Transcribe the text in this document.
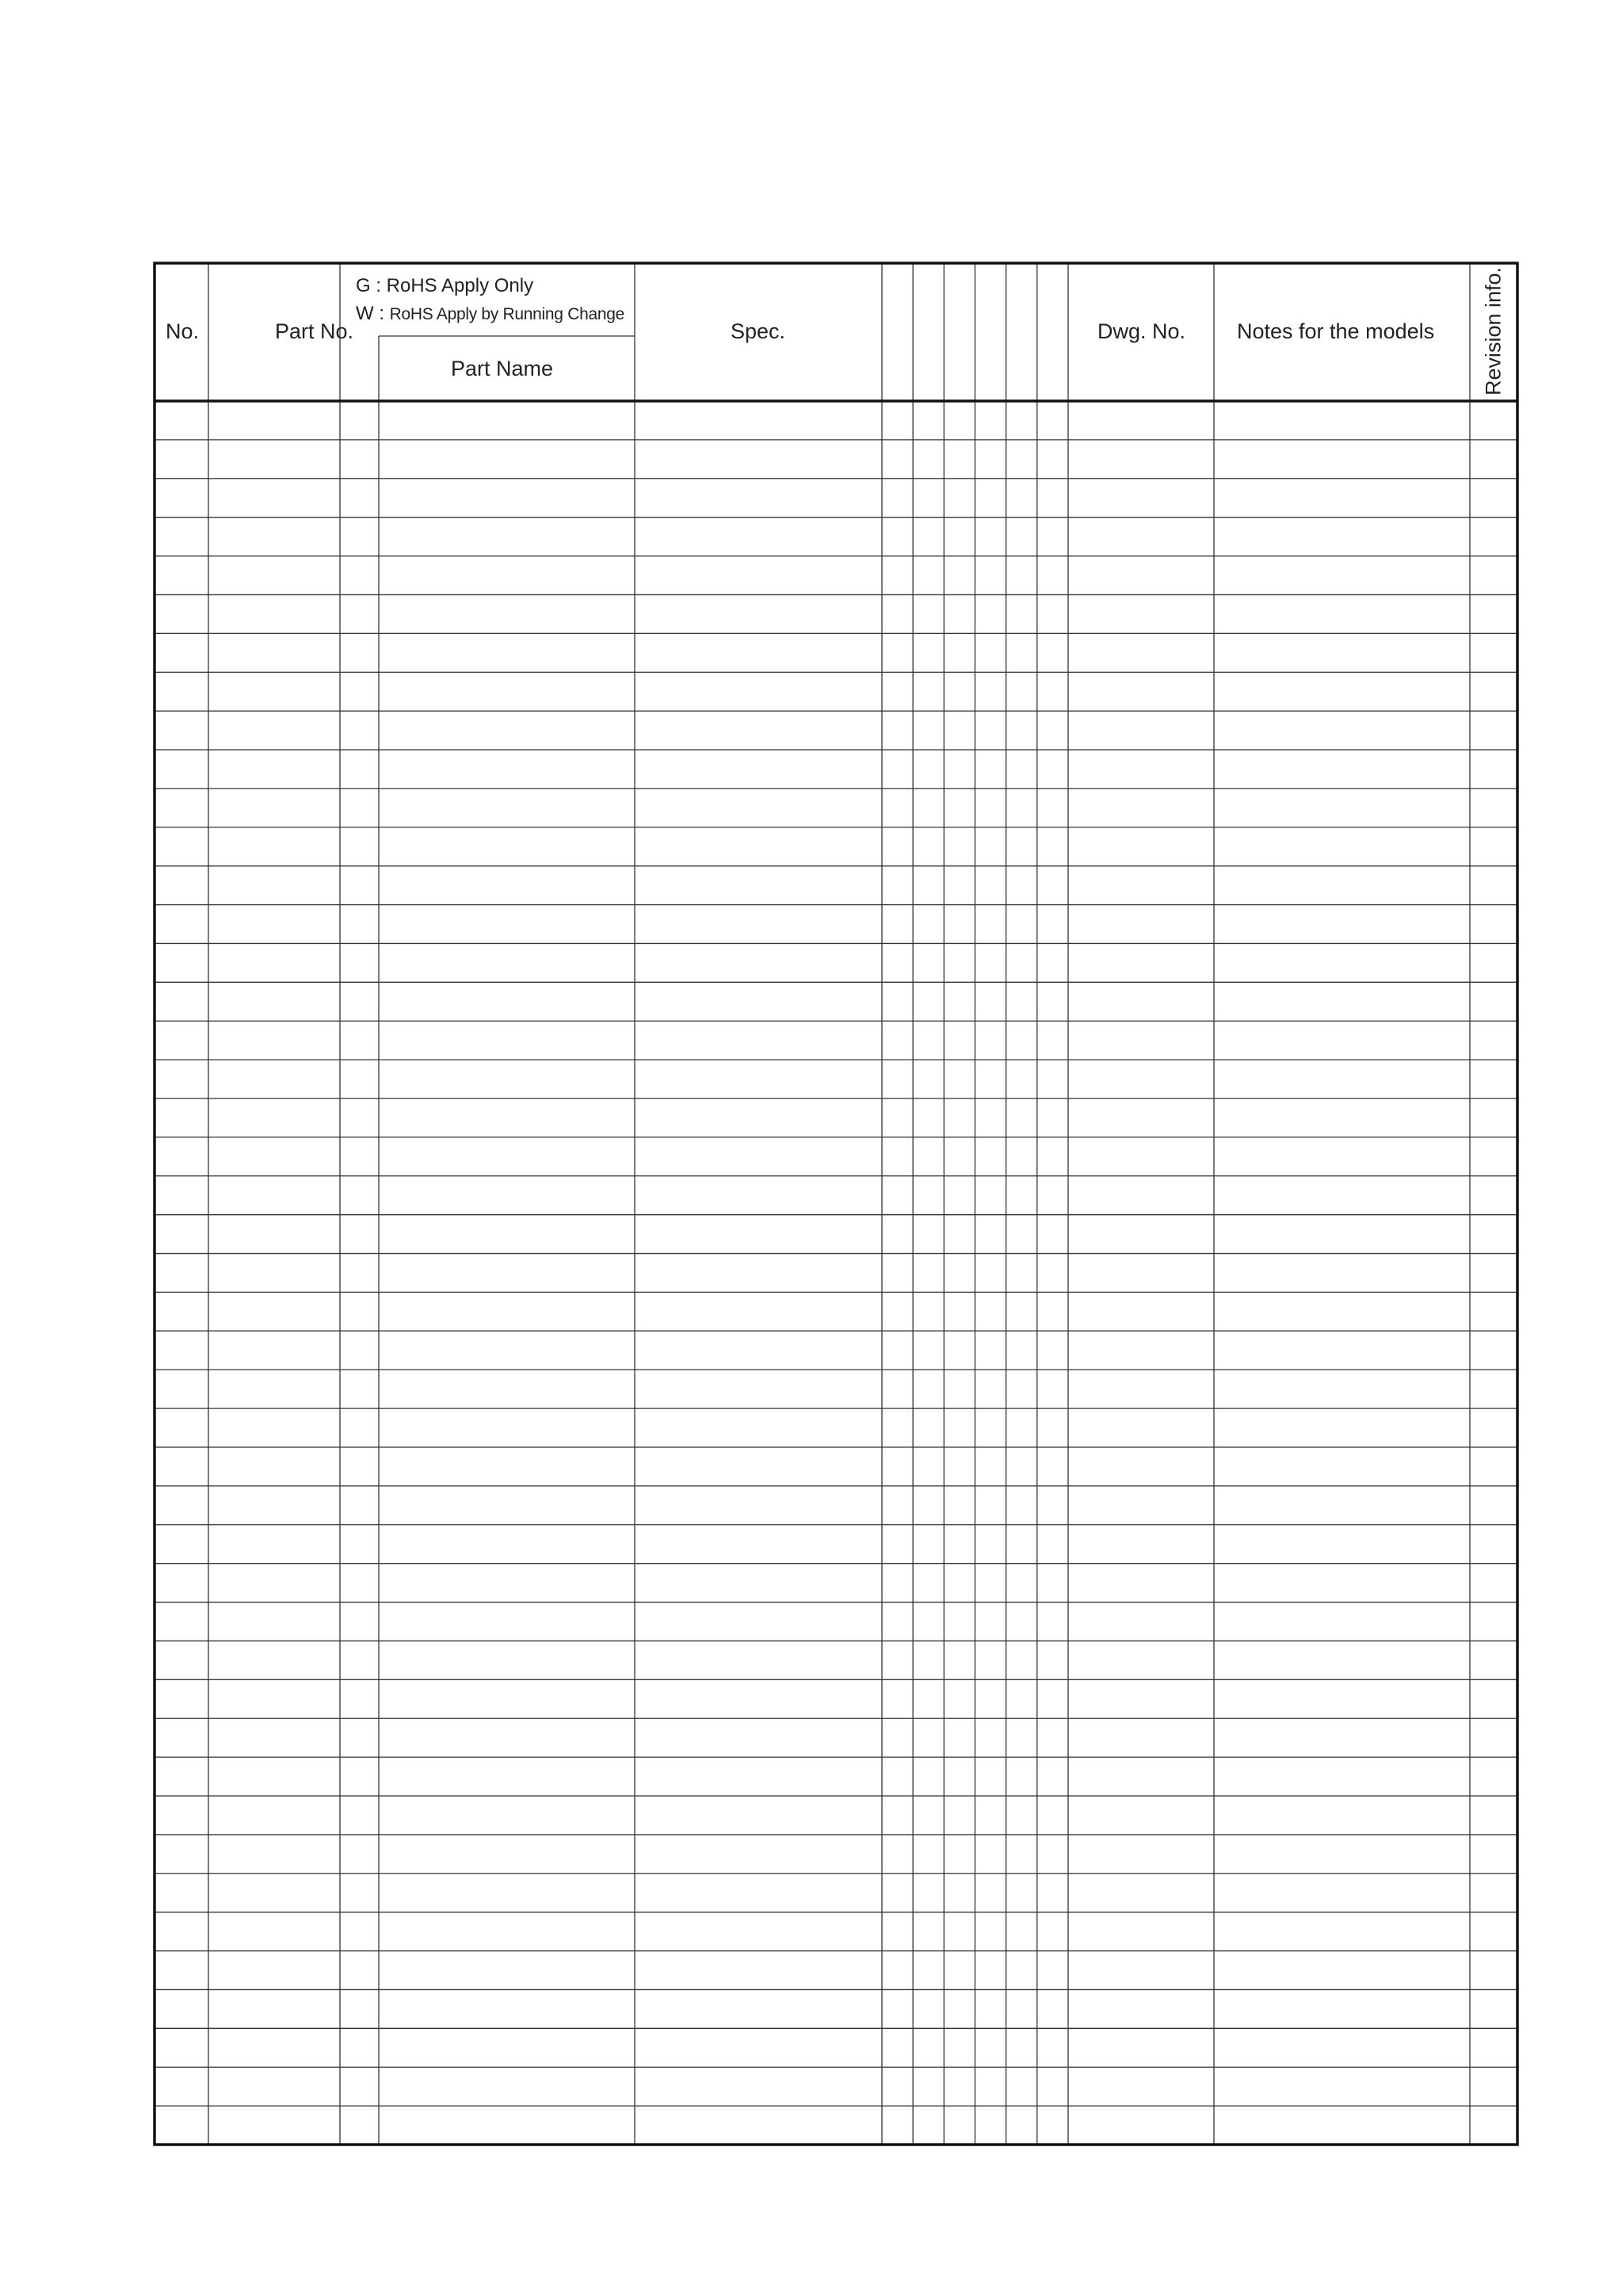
No.	Part No.
G : RoHS Apply Only
W : RoHS Apply by Running Change
Part Name
Spec.	Dwg. No. Notes for the models Revision info.
